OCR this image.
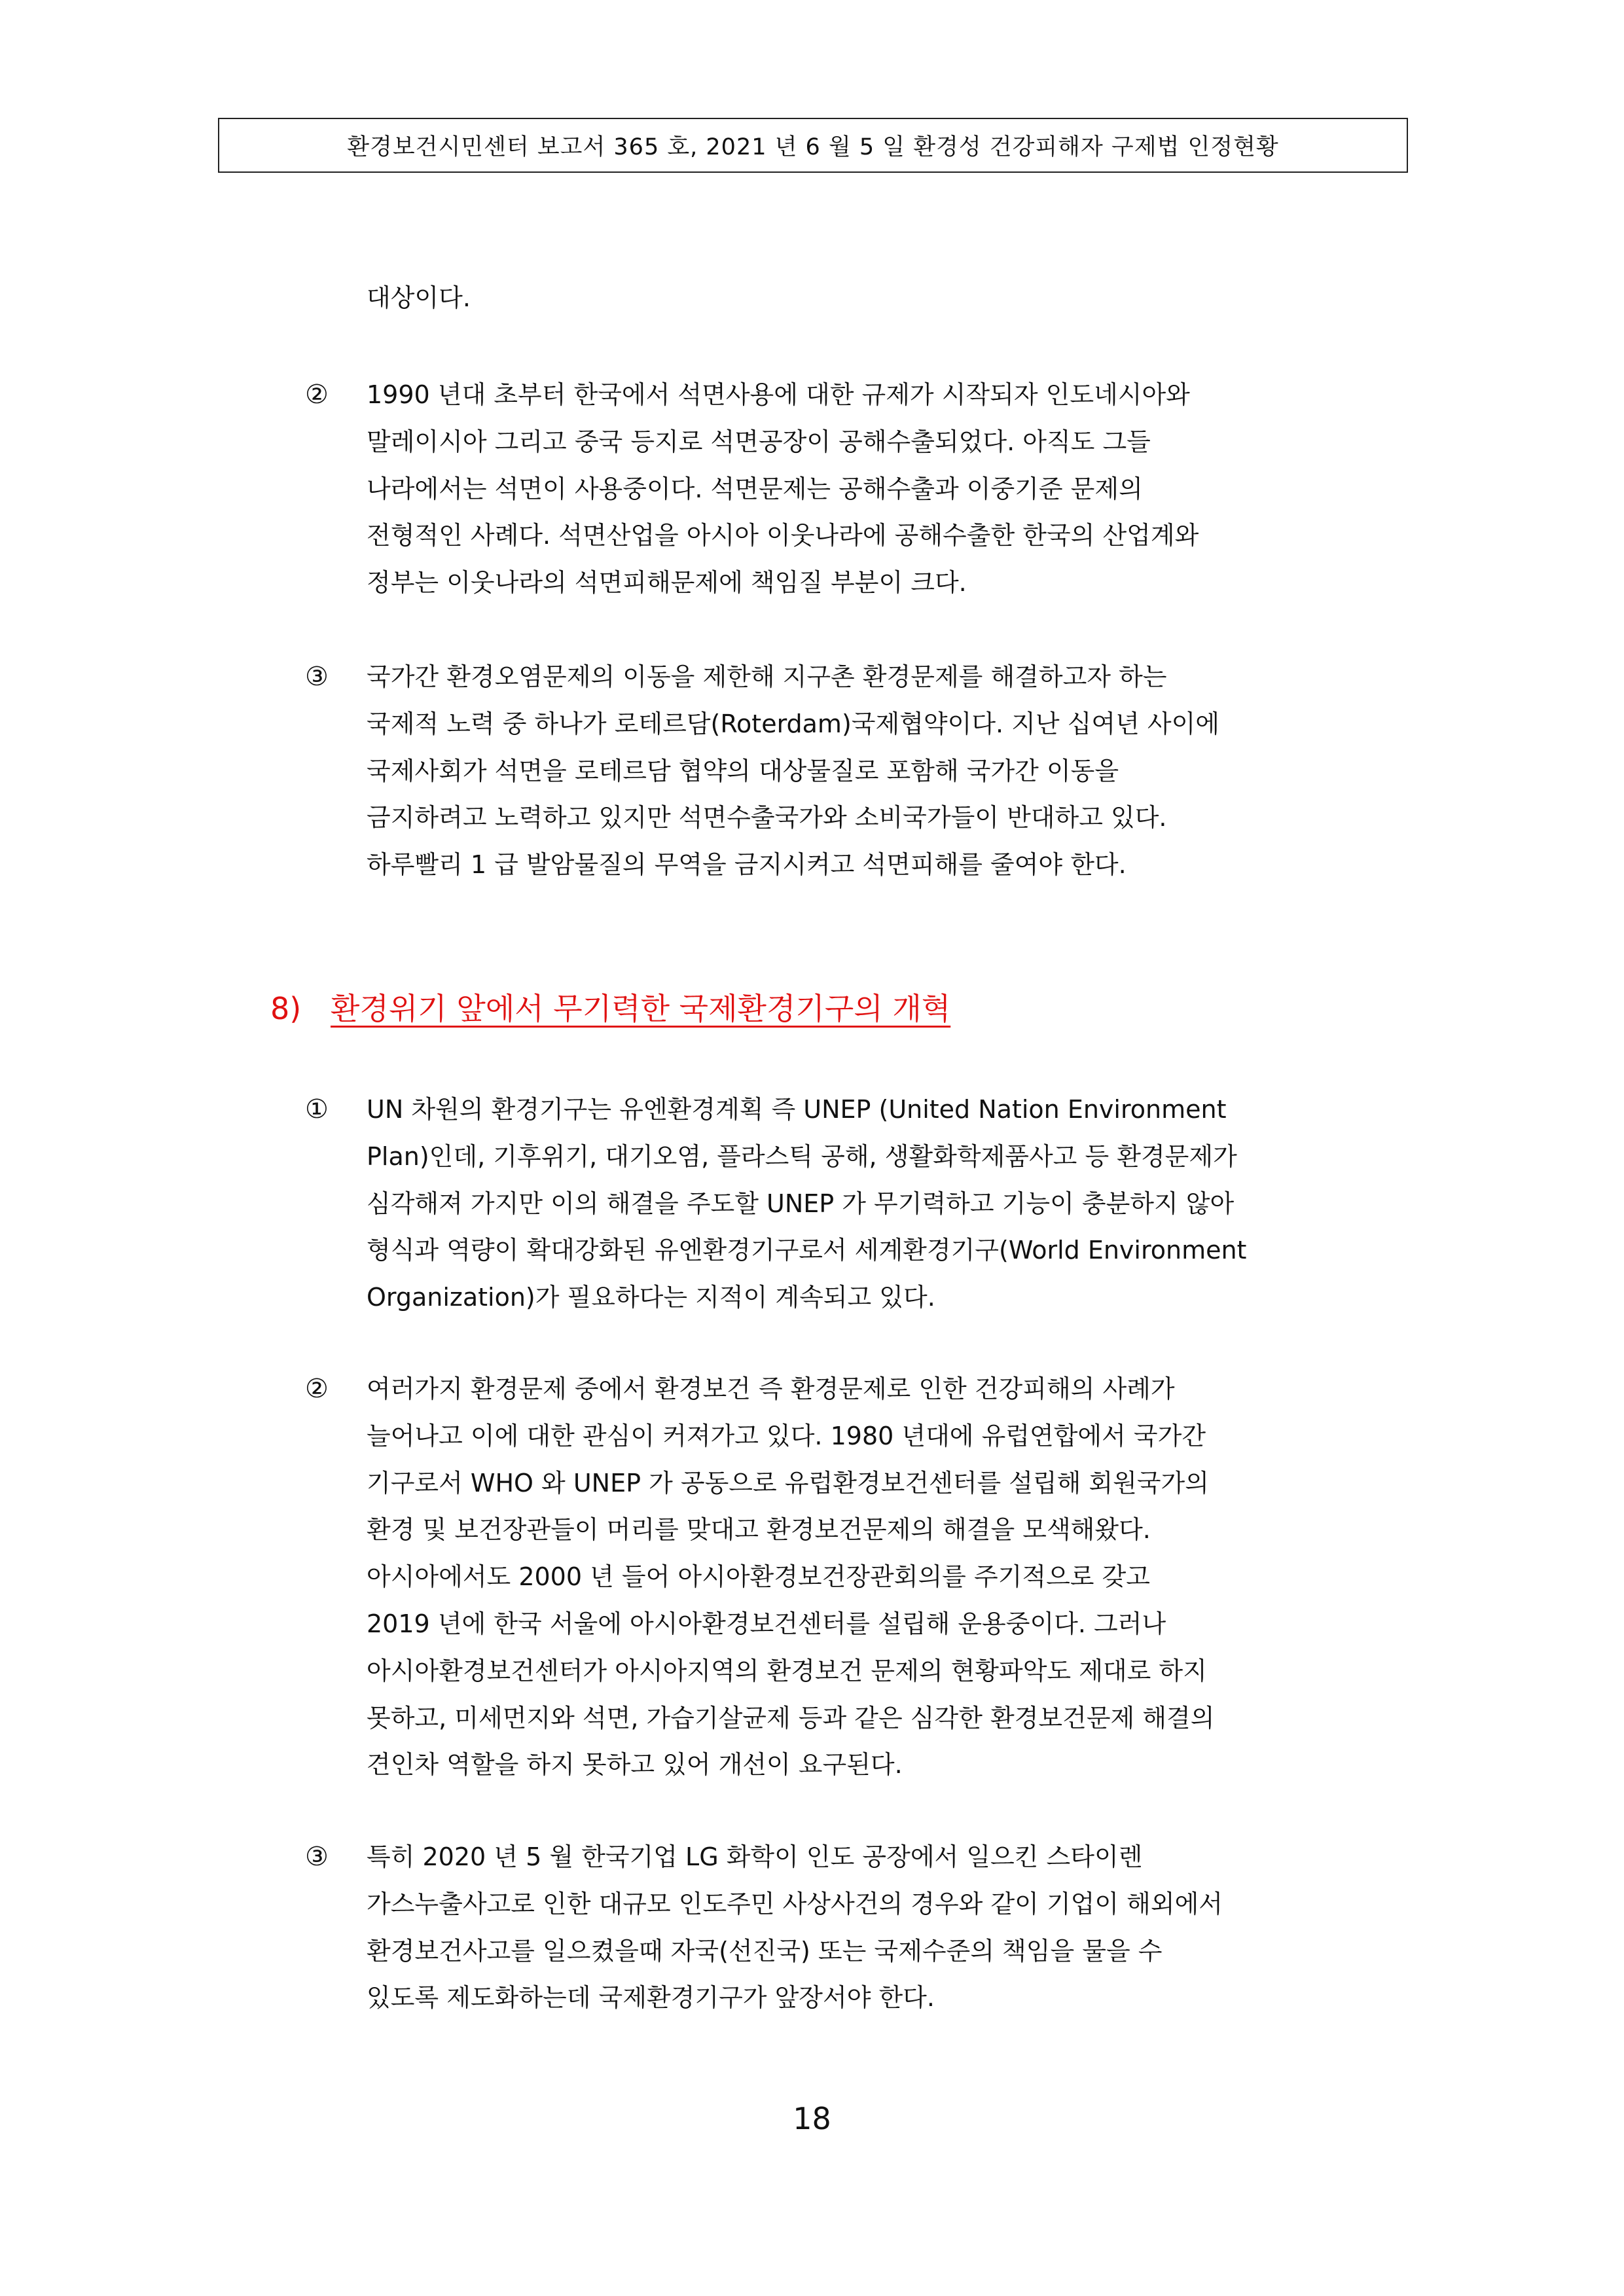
환경보건시민센터 보고서 365 호, 2021 년 6 월 5 일 환경성 건강피해자 구제법 인정현황
대상이다.
② 1990 년대 초부터 한국에서 석면사용에 대한 규제가 시작되자 인도네시아와
말레이시아 그리고 중국 등지로 석면공장이 공해수출되었다. 아직도 그들
나라에서는 석면이 사용중이다. 석면문제는 공해수출과 이중기준 문제의
전형적인 사례다. 석면산업을 아시아 이웃나라에 공해수출한 한국의 산업계와
정부는 이웃나라의 석면피해문제에 책임질 부분이 크다.
③ 국가간 환경오염문제의 이동을 제한해 지구촌 환경문제를 해결하고자 하는
국제적 노력 중 하나가 로테르담(Roterdam)국제협약이다. 지난 십여년 사이에
국제사회가 석면을 로테르담 협약의 대상물질로 포함해 국가간 이동을
금지하려고 노력하고 있지만 석면수출국가와 소비국가들이 반대하고 있다.
하루빨리 1 급 발암물질의 무역을 금지시켜고 석면피해를 줄여야 한다.
8) 환경위기 앞에서 무기력한 국제환경기구의 개혁
① UN 차원의 환경기구는 유엔환경계획 즉 UNEP (United Nation Environment
Plan)인데, 기후위기, 대기오염, 플라스틱 공해, 생활화학제품사고 등 환경문제가
심각해져 가지만 이의 해결을 주도할 UNEP 가 무기력하고 기능이 충분하지 않아
형식과 역량이 확대강화된 유엔환경기구로서 세계환경기구(World Environment
Organization)가 필요하다는 지적이 계속되고 있다.
② 여러가지 환경문제 중에서 환경보건 즉 환경문제로 인한 건강피해의 사례가
늘어나고 이에 대한 관심이 커져가고 있다. 1980 년대에 유럽연합에서 국가간
기구로서 WHO 와 UNEP 가 공동으로 유럽환경보건센터를 설립해 회원국가의
환경 및 보건장관들이 머리를 맞대고 환경보건문제의 해결을 모색해왔다.
아시아에서도 2000 년 들어 아시아환경보건장관회의를 주기적으로 갖고
2019 년에 한국 서울에 아시아환경보건센터를 설립해 운용중이다. 그러나
아시아환경보건센터가 아시아지역의 환경보건 문제의 현황파악도 제대로 하지
못하고, 미세먼지와 석면, 가습기살균제 등과 같은 심각한 환경보건문제 해결의
견인차 역할을 하지 못하고 있어 개선이 요구된다.
③ 특히 2020 년 5 월 한국기업 LG 화학이 인도 공장에서 일으킨 스타이렌
가스누출사고로 인한 대규모 인도주민 사상사건의 경우와 같이 기업이 해외에서
환경보건사고를 일으켰을때 자국(선진국) 또는 국제수준의 책임을 물을 수
있도록 제도화하는데 국제환경기구가 앞장서야 한다.
18
